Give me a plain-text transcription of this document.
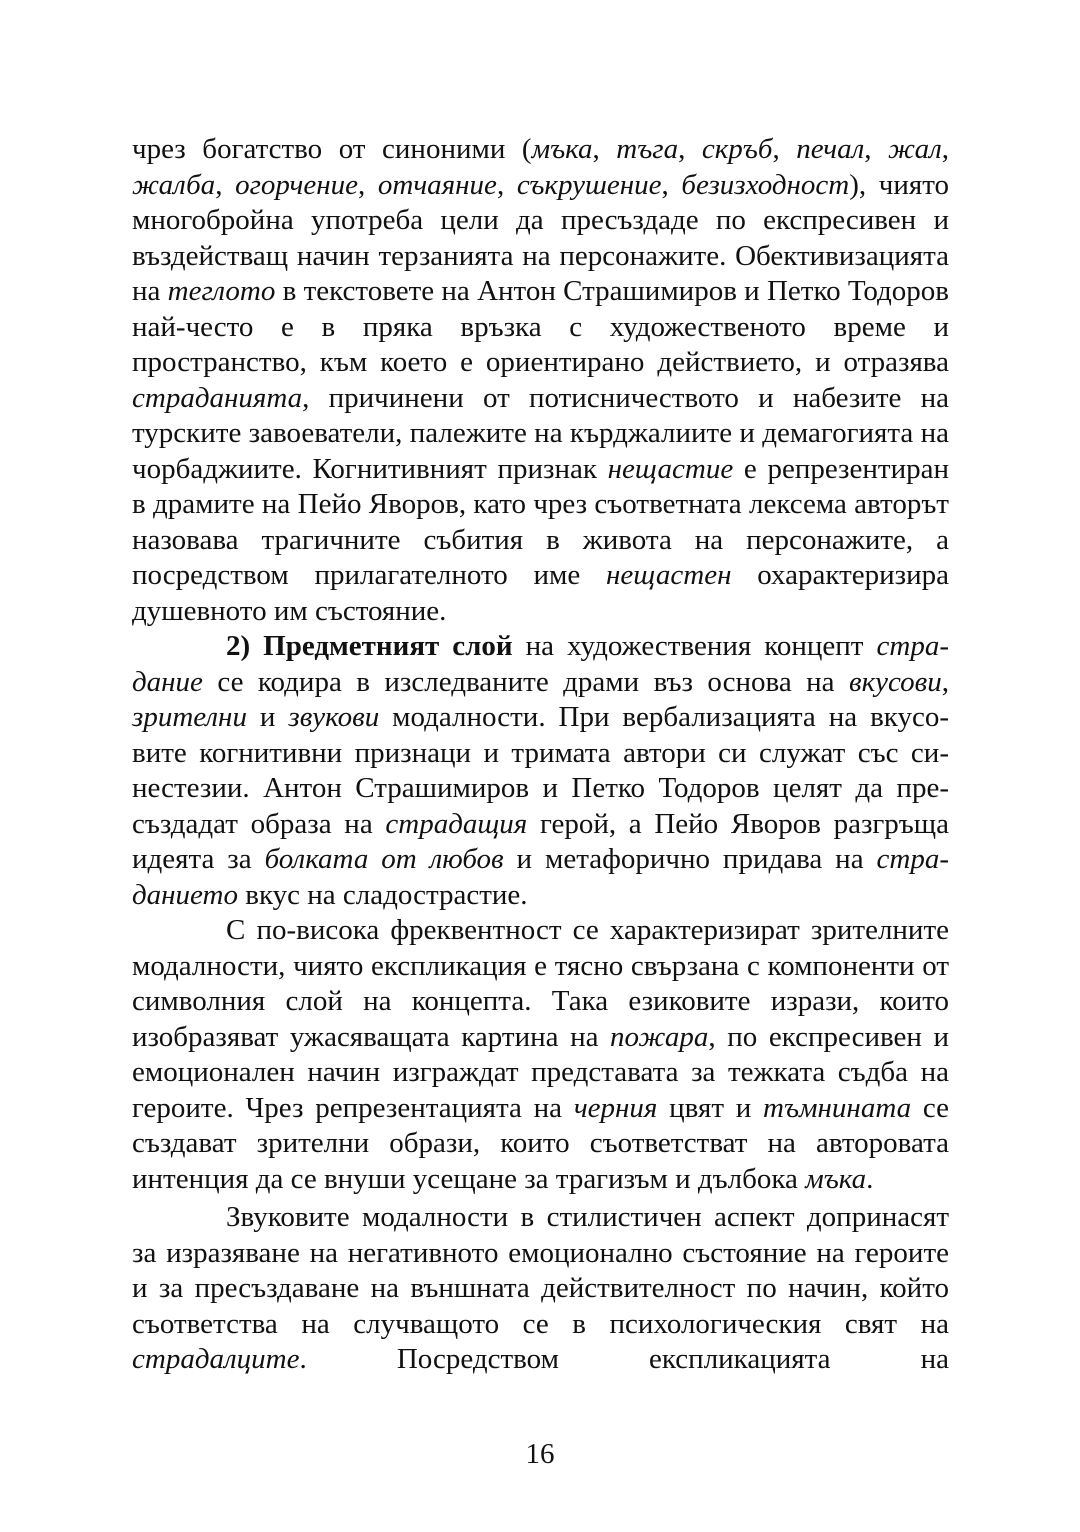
чрез богатство от синоними (мъка, тъга, скръб, печал, жал, жалба, огорчение, отчаяние, съкрушение, безизходност), чиято многобройна употреба цели да пресъздаде по експресивен и въздействащ начин терзанията на персонажите. Обективизацията на теглото в текстовете на Антон Страшимиров и Петко Тодоров най-често е в пряка връзка с художественото време и пространство, към което е ориентирано действието, и отразява страданията, причинени от потисничеството и набезите на турските завоеватели, палежите на кърджалиите и демагогията на чорбаджиите. Когнитивният признак нещастие е репрезентиран в драмите на Пейо Яворов, като чрез съответната лексема авторът назовава трагичните събития в живота на персонажите, а посредством прилагателното име нещастен охарактеризира душевното им състояние.

2) Предметният слой на художествения концепт страдание се кодира в изследваните драми въз основа на вкусови, зрителни и звукови модалности. При вербализацията на вкусовите когнитивни признаци и тримата автори си служат със синестезии. Антон Страшимиров и Петко Тодоров целят да пресъздадат образа на страдащия герой, а Пейо Яворов разгръща идеята за болката от любов и метафорично придава на страданието вкус на сладострастие.

С по-висока фреквентност се характеризират зрителните модалности, чиято експликация е тясно свързана с компоненти от символния слой на концепта. Така езиковите изрази, които изобразяват ужасяващата картина на пожара, по експресивен и емоционален начин изграждат представата за тежката съдба на героите. Чрез репрезентацията на черния цвят и тъмнината се създават зрителни образи, които съответстват на авторовата интенция да се внуши усещане за трагизъм и дълбока мъка.

Звуковите модалности в стилистичен аспект допринасят за изразяване на негативното емоционално състояние на героите и за пресъздаване на външната действителност по начин, който съответства на случващото се в психологическия свят на страдалците. Посредством експликацията на

16
